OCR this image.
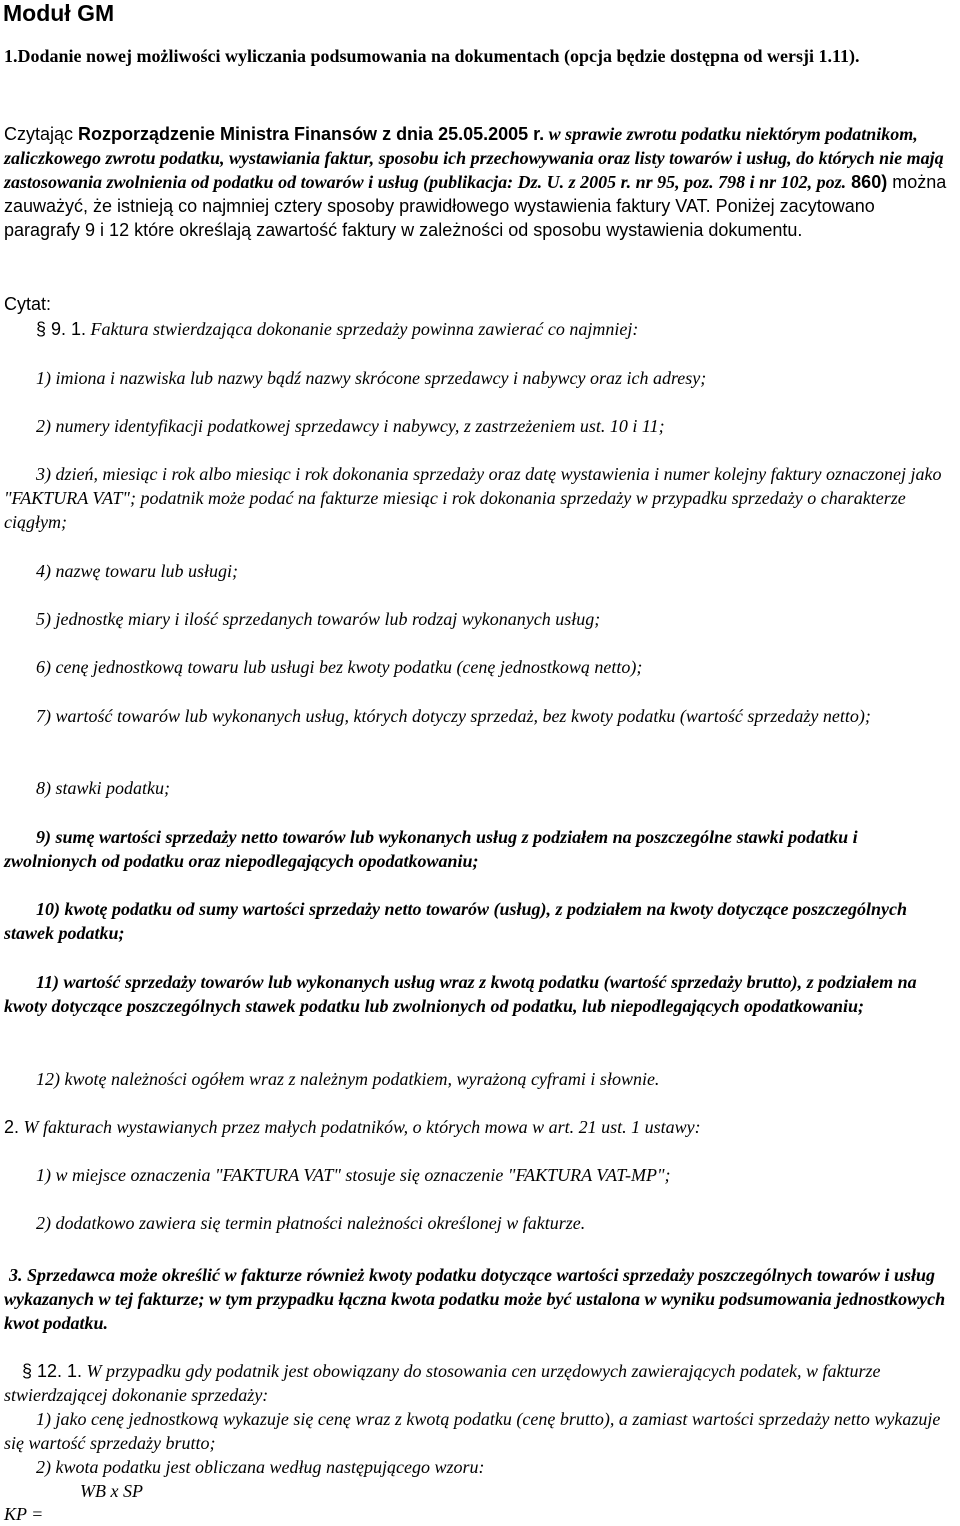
Moduł GM

1.Dodanie nowej możliwości wyliczania podsumowania na dokumentach (opcja będzie dostępna od wersji 1.11).

Czytając Rozporządzenie Ministra Finansów z dnia 25.05.2005 r. w sprawie zwrotu podatku niektórym podatnikom, zaliczkowego zwrotu podatku, wystawiania faktur, sposobu ich przechowywania oraz listy towarów i usług, do których nie mają zastosowania zwolnienia od podatku od towarów i usług (publikacja: Dz. U. z 2005 r. nr 95, poz. 798 i nr 102, poz. 860) można zauważyć, że istnieją co najmniej cztery sposoby prawidłowego wystawienia faktury VAT. Poniżej zacytowano paragrafy 9 i 12 które określają zawartość faktury w zależności od sposobu wystawienia dokumentu.

Cytat:

§ 9. 1. Faktura stwierdzająca dokonanie sprzedaży powinna zawierać co najmniej:

1) imiona i nazwiska lub nazwy bądź nazwy skrócone sprzedawcy i nabywcy oraz ich adresy;

2) numery identyfikacji podatkowej sprzedawcy i nabywcy, z zastrzeżeniem ust. 10 i 11;

3) dzień, miesiąc i rok albo miesiąc i rok dokonania sprzedaży oraz datę wystawienia i numer kolejny faktury oznaczonej jako "FAKTURA VAT"; podatnik może podać na fakturze miesiąc i rok dokonania sprzedaży w przypadku sprzedaży o charakterze ciągłym;

4) nazwę towaru lub usługi;

5) jednostkę miary i ilość sprzedanych towarów lub rodzaj wykonanych usług;

6) cenę jednostkową towaru lub usługi bez kwoty podatku (cenę jednostkową netto);

7) wartość towarów lub wykonanych usług, których dotyczy sprzedaż, bez kwoty podatku (wartość sprzedaży netto);

8) stawki podatku;

9) sumę wartości sprzedaży netto towarów lub wykonanych usług z podziałem na poszczególne stawki podatku i zwolnionych od podatku oraz niepodlegających opodatkowaniu;

10) kwotę podatku od sumy wartości sprzedaży netto towarów (usług), z podziałem na kwoty dotyczące poszczególnych stawek podatku;

11) wartość sprzedaży towarów lub wykonanych usług wraz z kwotą podatku (wartość sprzedaży brutto), z podziałem na kwoty dotyczące poszczególnych stawek podatku lub zwolnionych od podatku, lub niepodlegających opodatkowaniu;

12) kwotę należności ogółem wraz z należnym podatkiem, wyrażoną cyframi i słownie.

2. W fakturach wystawianych przez małych podatników, o których mowa w art. 21 ust. 1 ustawy:

1) w miejsce oznaczenia "FAKTURA VAT" stosuje się oznaczenie "FAKTURA VAT-MP";

2) dodatkowo zawiera się termin płatności należności określonej w fakturze.

3. Sprzedawca może określić w fakturze również kwoty podatku dotyczące wartości sprzedaży poszczególnych towarów i usług wykazanych w tej fakturze; w tym przypadku łączna kwota podatku może być ustalona w wyniku podsumowania jednostkowych kwot podatku.

§ 12. 1. W przypadku gdy podatnik jest obowiązany do stosowania cen urzędowych zawierających podatek, w fakturze stwierdzającej dokonanie sprzedaży:

1) jako cenę jednostkową wykazuje się cenę wraz z kwotą podatku (cenę brutto), a zamiast wartości sprzedaży netto wykazuje się wartość sprzedaży brutto;

2) kwota podatku jest obliczana według następującego wzoru:

WB x SP

KP =
